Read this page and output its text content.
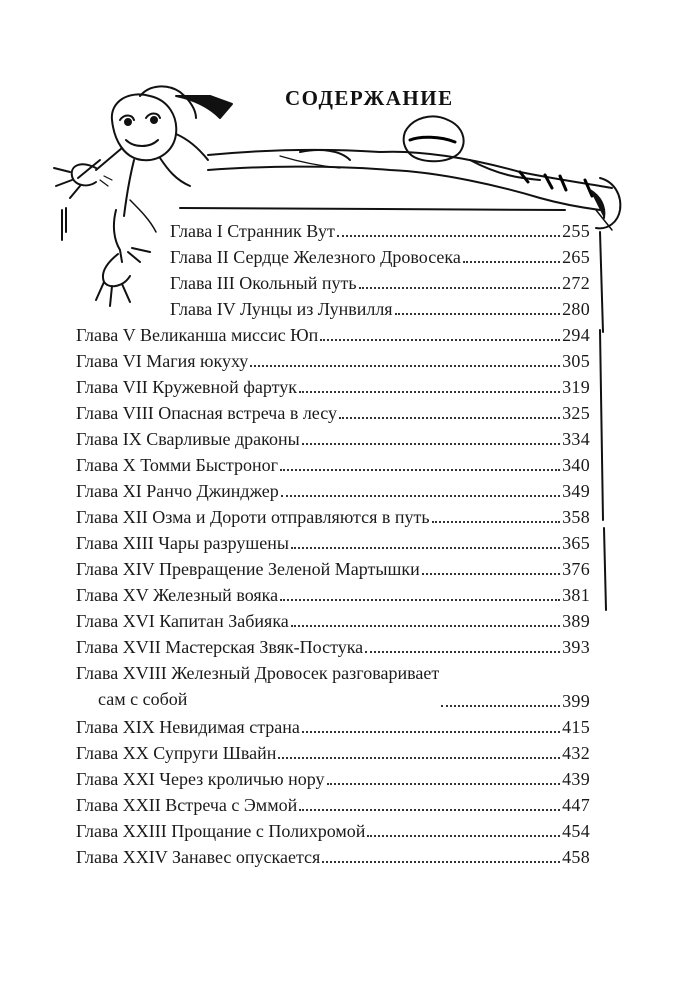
СОДЕРЖАНИЕ
Глава I Странник Вут	255
Глава II Сердце Железного Дровосека	265
Глава III Окольный путь	272
Глава IV Лунцы из Лунвилля	280
Глава V Великанша миссис Юп	294
Глава VI Магия юкуху	305
Глава VII Кружевной фартук	319
Глава VIII Опасная встреча в лесу	325
Глава IX Сварливые драконы	334
Глава X Томми Быстроног	340
Глава XI Ранчо Джинджер	349
Глава XII Озма и Дороти отправляются в путь	358
Глава XIII Чары разрушены	365
Глава XIV Превращение Зеленой Мартышки	376
Глава XV Железный вояка	381
Глава XVI Капитан Забияка	389
Глава XVII Мастерская Звяк-Постука	393
Глава XVIII Железный Дровосек разговаривает
сам с собой	399
Глава XIX Невидимая страна	415
Глава XX Супруги Швайн	432
Глава XXI Через кроличью нору	439
Глава XXII Встреча с Эммой	447
Глава XXIII Прощание с Полихромой	454
Глава XXIV Занавес опускается	458
